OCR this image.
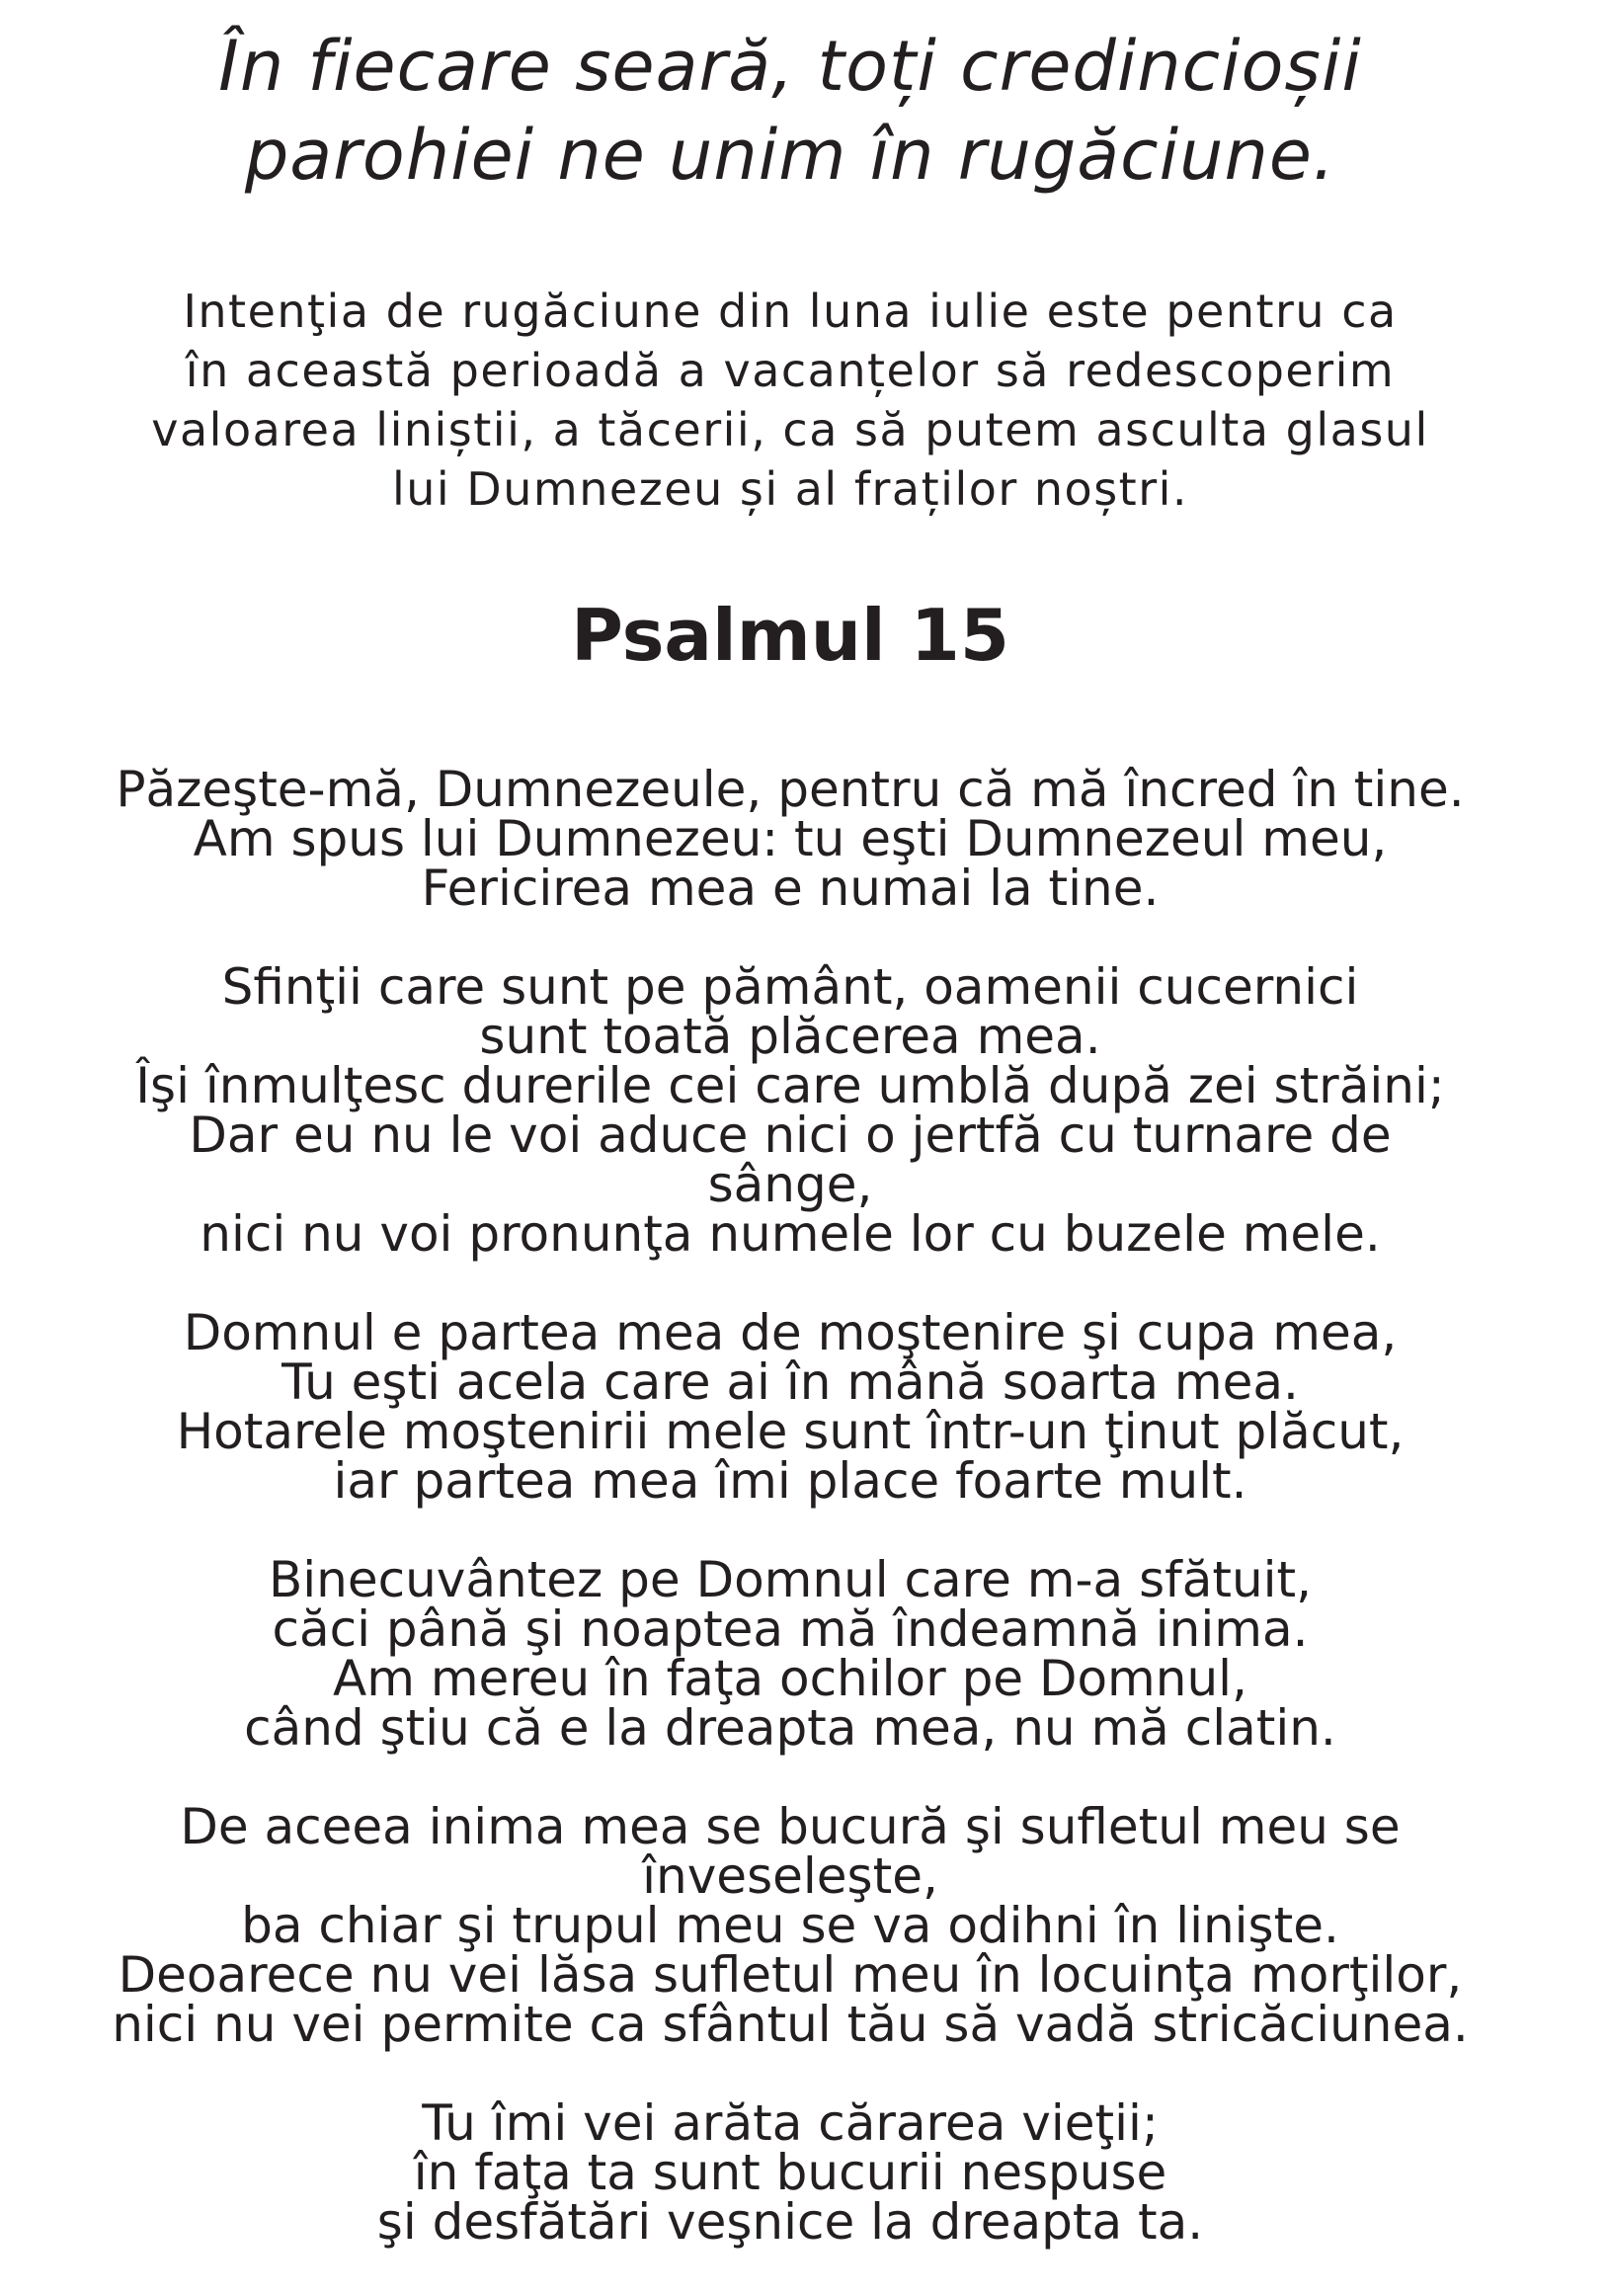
În fiecare seară, toți credincioșii
parohiei ne unim în rugăciune.

Intenţia de rugăciune din luna iulie este pentru ca
în această perioadă a vacanțelor să redescoperim
valoarea liniștii, a tăcerii, ca să putem asculta glasul
lui Dumnezeu și al fraților noștri.

Psalmul 15

Păzeşte-mă, Dumnezeule, pentru că mă încred în tine.
Am spus lui Dumnezeu: tu eşti Dumnezeul meu,
Fericirea mea e numai la tine.

Sfinţii care sunt pe pământ, oamenii cucernici
sunt toată plăcerea mea.
Îşi înmulţesc durerile cei care umblă după zei străini;
Dar eu nu le voi aduce nici o jertfă cu turnare de
sânge,
nici nu voi pronunţa numele lor cu buzele mele.

Domnul e partea mea de moştenire şi cupa mea,
Tu eşti acela care ai în mână soarta mea.
Hotarele moştenirii mele sunt într-un ţinut plăcut,
iar partea mea îmi place foarte mult.

Binecuvântez pe Domnul care m-a sfătuit,
căci până şi noaptea mă îndeamnă inima.
Am mereu în faţa ochilor pe Domnul,
când ştiu că e la dreapta mea, nu mă clatin.

De aceea inima mea se bucură şi sufletul meu se
înveseleşte,
ba chiar şi trupul meu se va odihni în linişte.
Deoarece nu vei lăsa sufletul meu în locuinţa morţilor,
nici nu vei permite ca sfântul tău să vadă stricăciunea.

Tu îmi vei arăta cărarea vieţii;
în faţa ta sunt bucurii nespuse
şi desfătări veşnice la dreapta ta.
